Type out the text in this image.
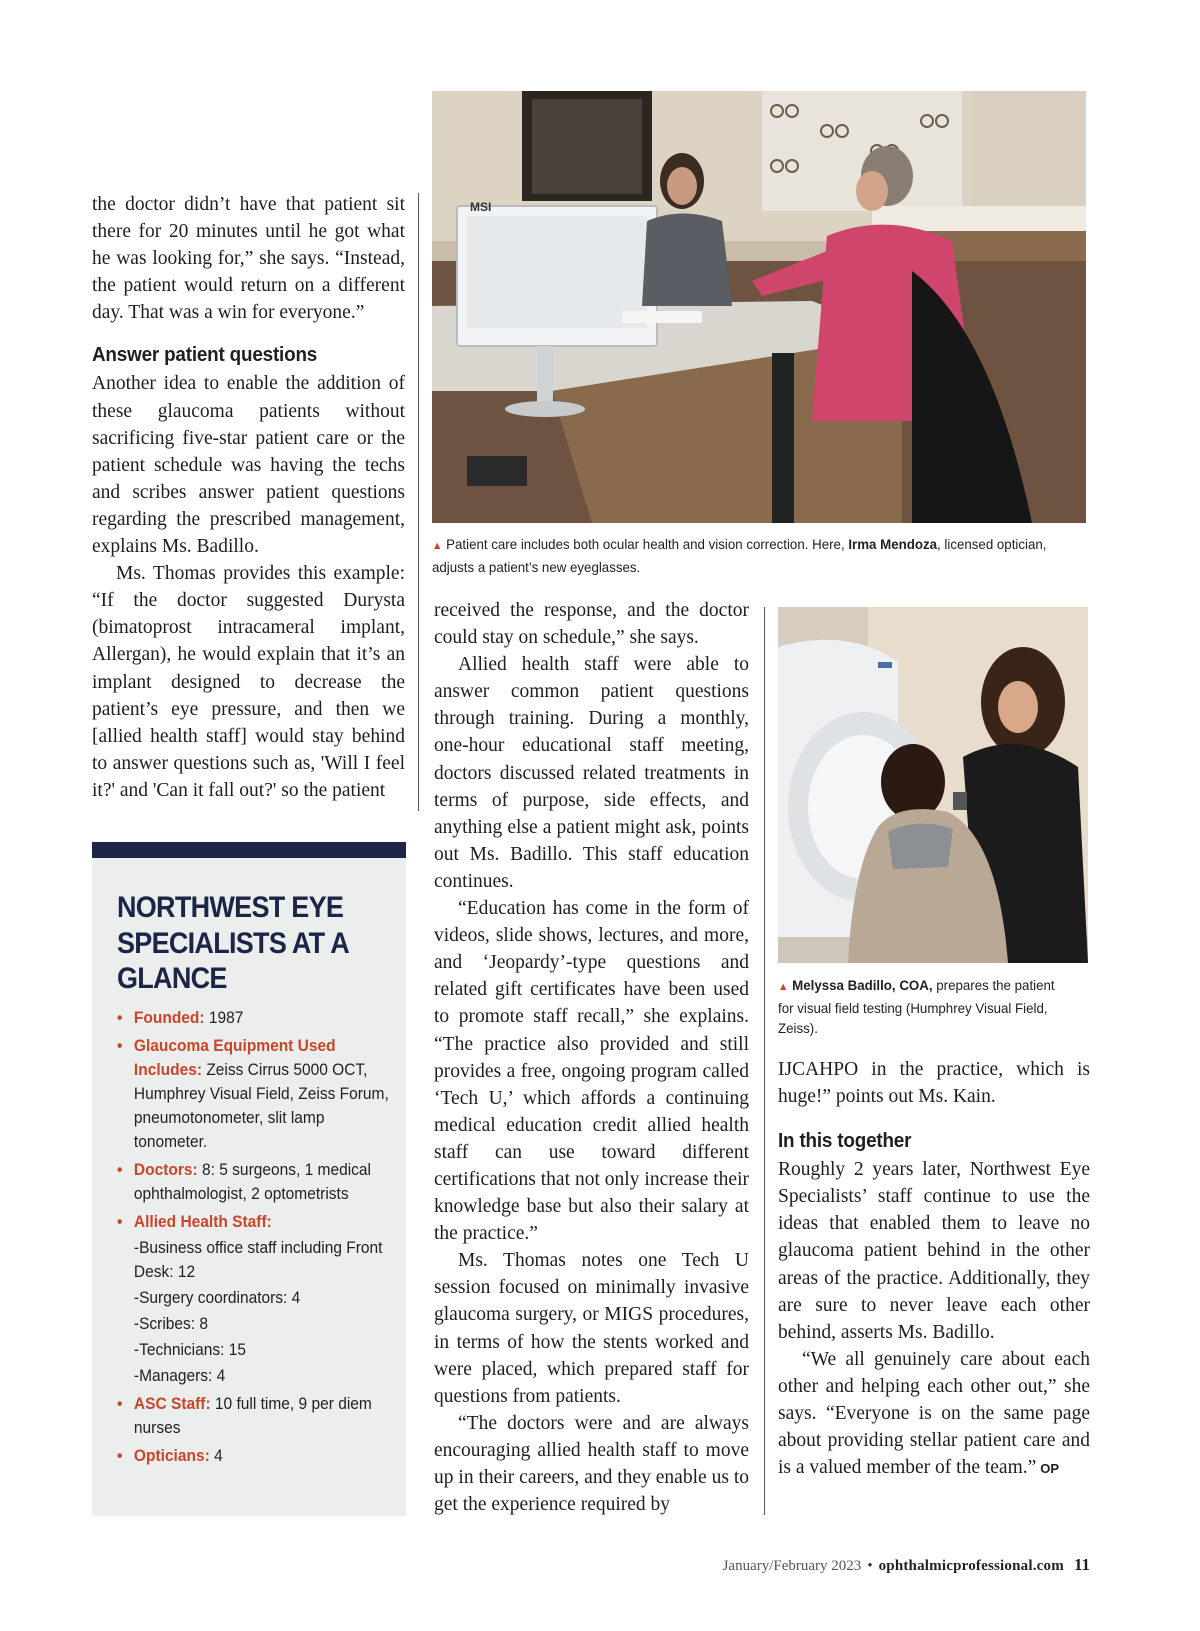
the doctor didn’t have that patient sit there for 20 minutes until he got what he was looking for,” she says. “Instead, the patient would return on a different day. That was a win for everyone.”

Answer patient questions

Another idea to enable the addition of these glaucoma patients without sacrificing five-star patient care or the patient schedule was having the techs and scribes answer patient questions regarding the prescribed management, explains Ms. Badillo.

Ms. Thomas provides this example: “If the doctor suggested Durysta (bimatoprost intracameral implant, Allergan), he would explain that it’s an implant designed to decrease the patient’s eye pressure, and then we [allied health staff] would stay behind to answer questions such as, 'Will I feel it?' and 'Can it fall out?' so the patient

NORTHWEST EYE SPECIALISTS AT A GLANCE
• Founded: 1987
• Glaucoma Equipment Used Includes: Zeiss Cirrus 5000 OCT, Humphrey Visual Field, Zeiss Forum, pneumotonometer, slit lamp tonometer.
• Doctors: 8: 5 surgeons, 1 medical ophthalmologist, 2 optometrists
• Allied Health Staff:
-Business office staff including Front Desk: 12
-Surgery coordinators: 4
-Scribes: 8
-Technicians: 15
-Managers: 4
• ASC Staff: 10 full time, 9 per diem nurses
• Opticians: 4
MSI
▲ Patient care includes both ocular health and vision correction. Here, Irma Mendoza, licensed optician, adjusts a patient’s new eyeglasses.

received the response, and the doctor could stay on schedule,” she says.

Allied health staff were able to answer common patient questions through training. During a monthly, one-hour educational staff meeting, doctors discussed related treatments in terms of purpose, side effects, and anything else a patient might ask, points out Ms. Badillo. This staff education continues.

“Education has come in the form of videos, slide shows, lectures, and more, and ‘Jeopardy’-type questions and related gift certificates have been used to promote staff recall,” she explains. “The practice also provided and still provides a free, ongoing program called ‘Tech U,’ which affords a continuing medical education credit allied health staff can use toward different certifications that not only increase their knowledge base but also their salary at the practice.”

Ms. Thomas notes one Tech U session focused on minimally invasive glaucoma surgery, or MIGS procedures, in terms of how the stents worked and were placed, which prepared staff for questions from patients.

“The doctors were and are always encouraging allied health staff to move up in their careers, and they enable us to get the experience required by

▲ Melyssa Badillo, COA, prepares the patient for visual field testing (Humphrey Visual Field, Zeiss).

IJCAHPO in the practice, which is huge!” points out Ms. Kain.

In this together

Roughly 2 years later, Northwest Eye Specialists’ staff continue to use the ideas that enabled them to leave no glaucoma patient behind in the other areas of the practice. Additionally, they are sure to never leave each other behind, asserts Ms. Badillo.

“We all genuinely care about each other and helping each other out,” she says. “Everyone is on the same page about providing stellar patient care and is a valued member of the team.” OP

January/February 2023 • ophthalmicprofessional.com 11
